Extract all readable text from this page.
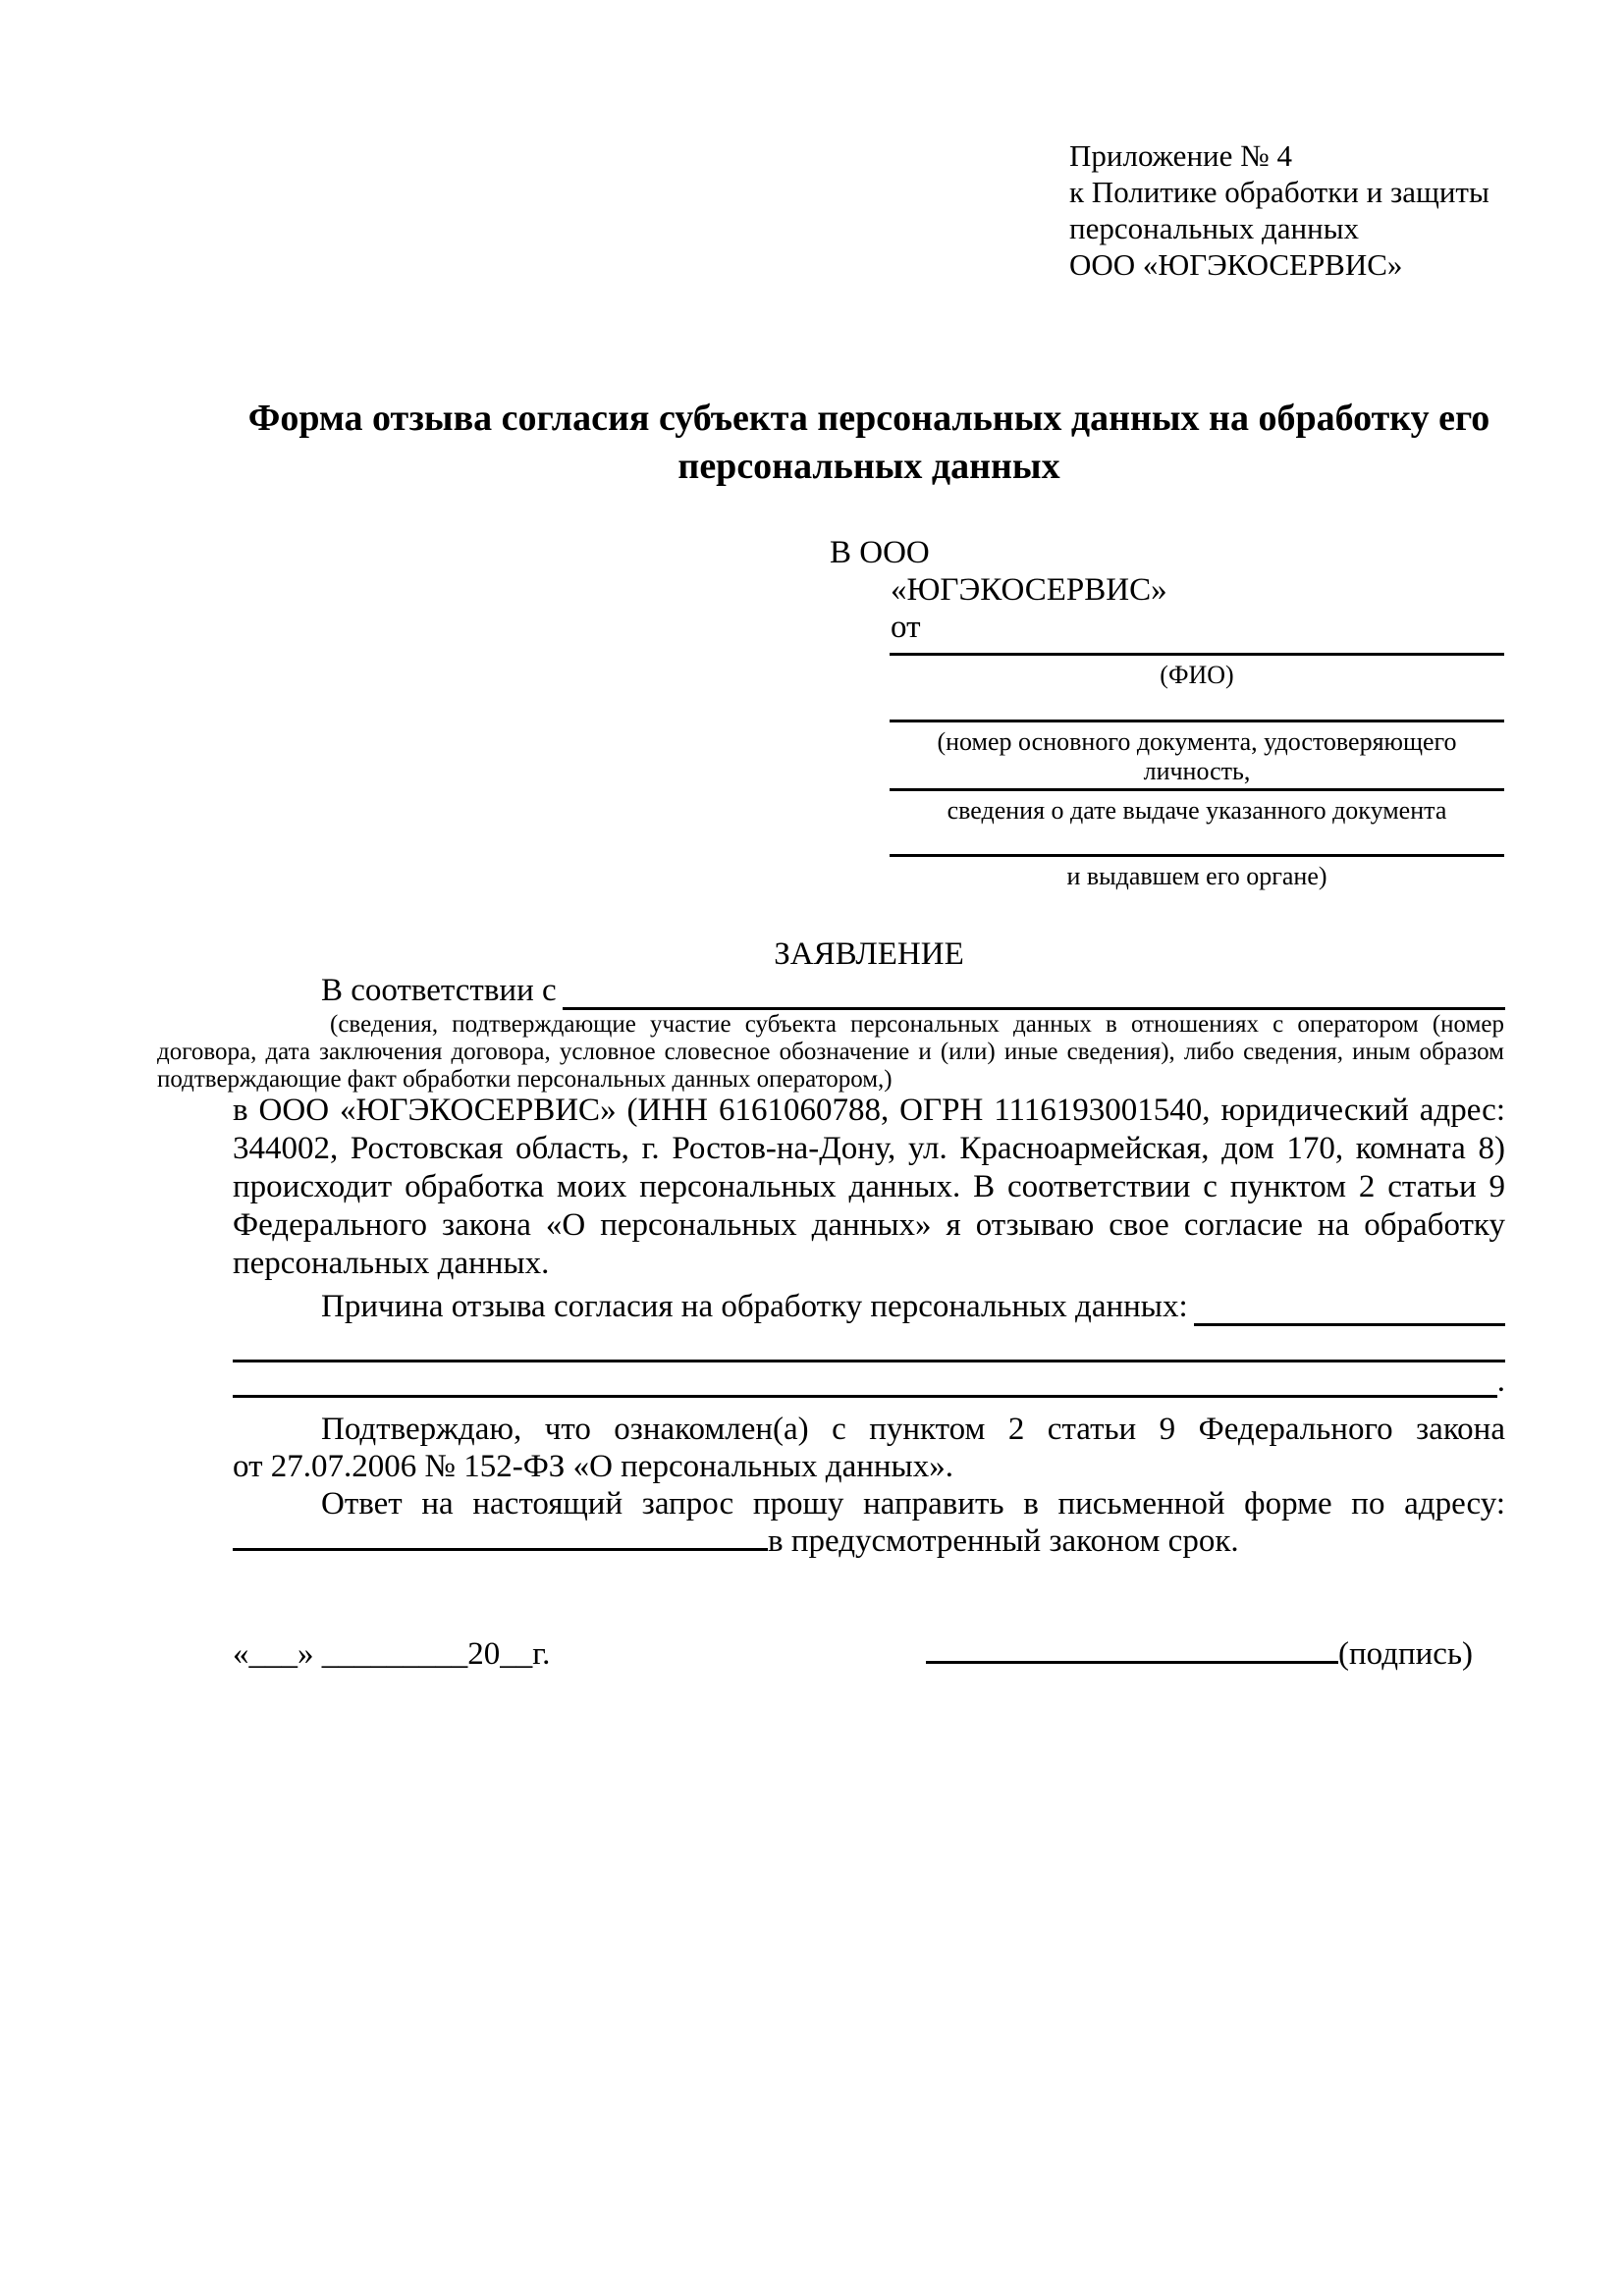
Приложение № 4
к Политике обработки и защиты
персональных данных
ООО «ЮГЭКОСЕРВИС»
Форма отзыва согласия субъекта персональных данных на обработку его персональных данных
В ООО
«ЮГЭКОСЕРВИС»
от
(ФИО)
(номер основного документа, удостоверяющего личность,
сведения о дате выдаче указанного документа
и выдавшем его органе)
ЗАЯВЛЕНИЕ
В соответствии с
(сведения, подтверждающие участие субъекта персональных данных в отношениях с оператором (номер договора, дата заключения договора, условное словесное обозначение и (или) иные сведения), либо сведения, иным образом подтверждающие факт обработки персональных данных оператором,)
в ООО «ЮГЭКОСЕРВИС» (ИНН 6161060788, ОГРН 1116193001540, юридический адрес: 344002, Ростовская область, г. Ростов-на-Дону, ул. Красноармейская, дом 170, комната 8) происходит обработка моих персональных данных. В соответствии с пунктом 2 статьи 9 Федерального закона «О персональных данных» я отзываю свое согласие на обработку персональных данных.
Причина отзыва согласия на обработку персональных данных:
.
Подтверждаю, что ознакомлен(а) с пунктом 2 статьи 9 Федерального закона
от 27.07.2006 № 152-ФЗ «О персональных данных».
Ответ на настоящий запрос прошу направить в письменной форме по адресу:
в предусмотренный законом срок.
«___» _________20__г.	(подпись)
